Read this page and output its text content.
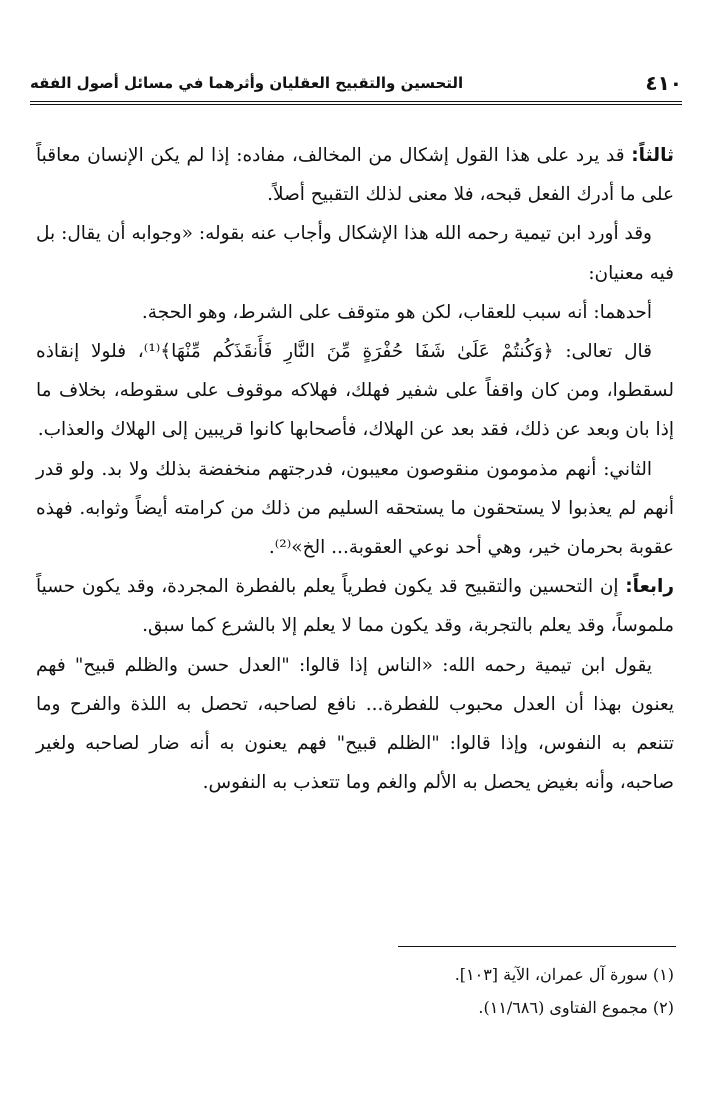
٤١٠
التحسين والتقبيح العقليان وأثرهما في مسائل أصول الفقه

ثالثاً: قد يرد على هذا القول إشكال من المخالف، مفاده: إذا لم يكن الإنسان معاقباً على ما أدرك الفعل قبحه، فلا معنى لذلك التقبيح أصلاً.

وقد أورد ابن تيمية رحمه الله هذا الإشكال وأجاب عنه بقوله: «وجوابه أن يقال: بل فيه معنيان:

أحدهما: أنه سبب للعقاب، لكن هو متوقف على الشرط، وهو الحجة.

قال تعالى: ﴿وَكُنتُمْ عَلَىٰ شَفَا حُفْرَةٍ مِّنَ النَّارِ فَأَنقَذَكُم مِّنْهَا﴾⁽¹⁾، فلولا إنقاذه لسقطوا، ومن كان واقفاً على شفير فهلك، فهلاكه موقوف على سقوطه، بخلاف ما إذا بان وبعد عن ذلك، فقد بعد عن الهلاك، فأصحابها كانوا قريبين إلى الهلاك والعذاب.

الثاني: أنهم مذمومون منقوصون معيبون، فدرجتهم منخفضة بذلك ولا بد. ولو قدر أنهم لم يعذبوا لا يستحقون ما يستحقه السليم من ذلك من كرامته أيضاً وثوابه. فهذه عقوبة بحرمان خير، وهي أحد نوعي العقوبة... الخ»⁽²⁾.

رابعاً: إن التحسين والتقبيح قد يكون فطرياً يعلم بالفطرة المجردة، وقد يكون حسياً ملموساً، وقد يعلم بالتجربة، وقد يكون مما لا يعلم إلا بالشرع كما سبق.

يقول ابن تيمية رحمه الله: «الناس إذا قالوا: "العدل حسن والظلم قبيح" فهم يعنون بهذا أن العدل محبوب للفطرة... نافع لصاحبه، تحصل به اللذة والفرح وما تتنعم به النفوس، وإذا قالوا: "الظلم قبيح" فهم يعنون به أنه ضار لصاحبه ولغير صاحبه، وأنه بغيض يحصل به الألم والغم وما تتعذب به النفوس.

(١) سورة آل عمران، الآية [١٠٣].

(٢) مجموع الفتاوى (١١/٦٨٦).
